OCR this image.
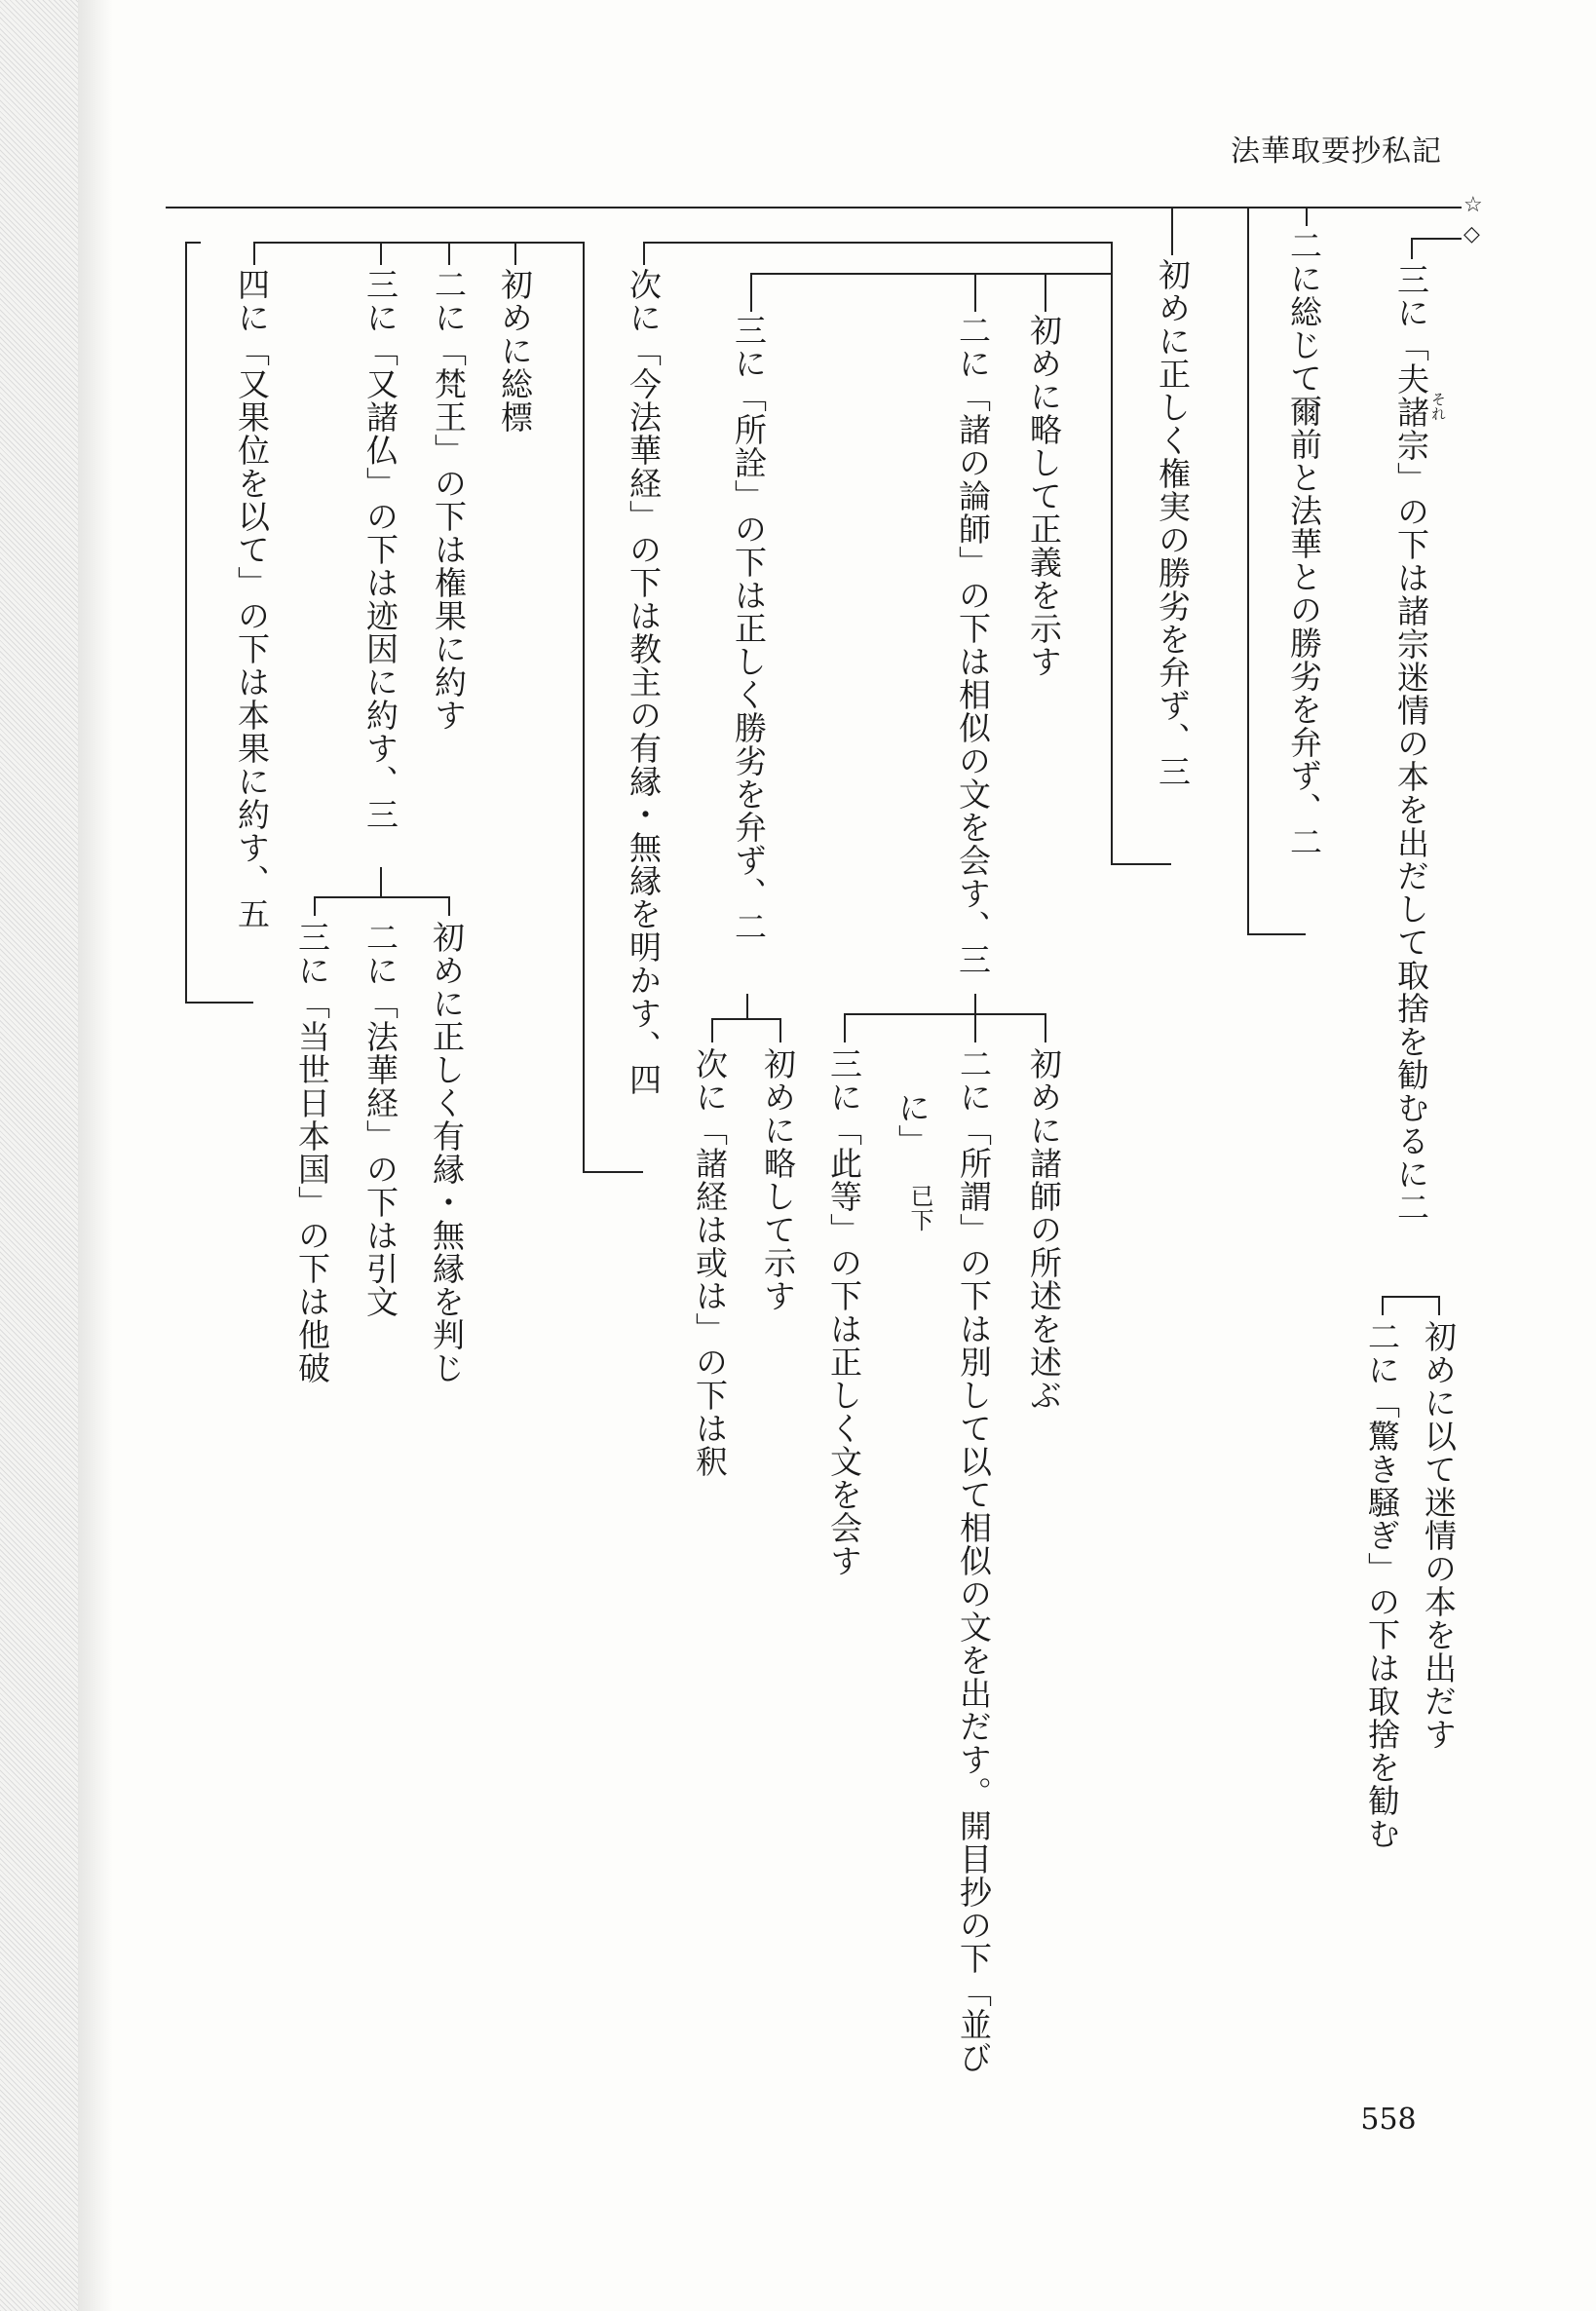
法華取要抄私記
☆
◇
三に「夫諸宗」の下は諸宗迷情の本を出だして取捨を勧むるに二 それ
初めに以て迷情の本を出だす
二に「驚き騒ぎ」の下は取捨を勧む
二に総じて爾前と法華との勝劣を弁ず、二
初めに正しく権実の勝劣を弁ず、三
初めに略して正義を示す
二に「諸の論師」の下は相似の文を会す、三
初めに諸師の所述を述ぶ
二に「所謂」の下は別して以て相似の文を出だす。開目抄の下「並び
に」
已下
三に「此等」の下は正しく文を会す
三に「所詮」の下は正しく勝劣を弁ず、二
初めに略して示す
次に「諸経は或は」の下は釈
次に「今法華経」の下は教主の有縁・無縁を明かす、四
初めに総標
二に「梵王」の下は権果に約す
三に「又諸仏」の下は迹因に約す、三
初めに正しく有縁・無縁を判じ
二に「法華経」の下は引文
三に「当世日本国」の下は他破
四に「又果位を以て」の下は本果に約す、五
558
